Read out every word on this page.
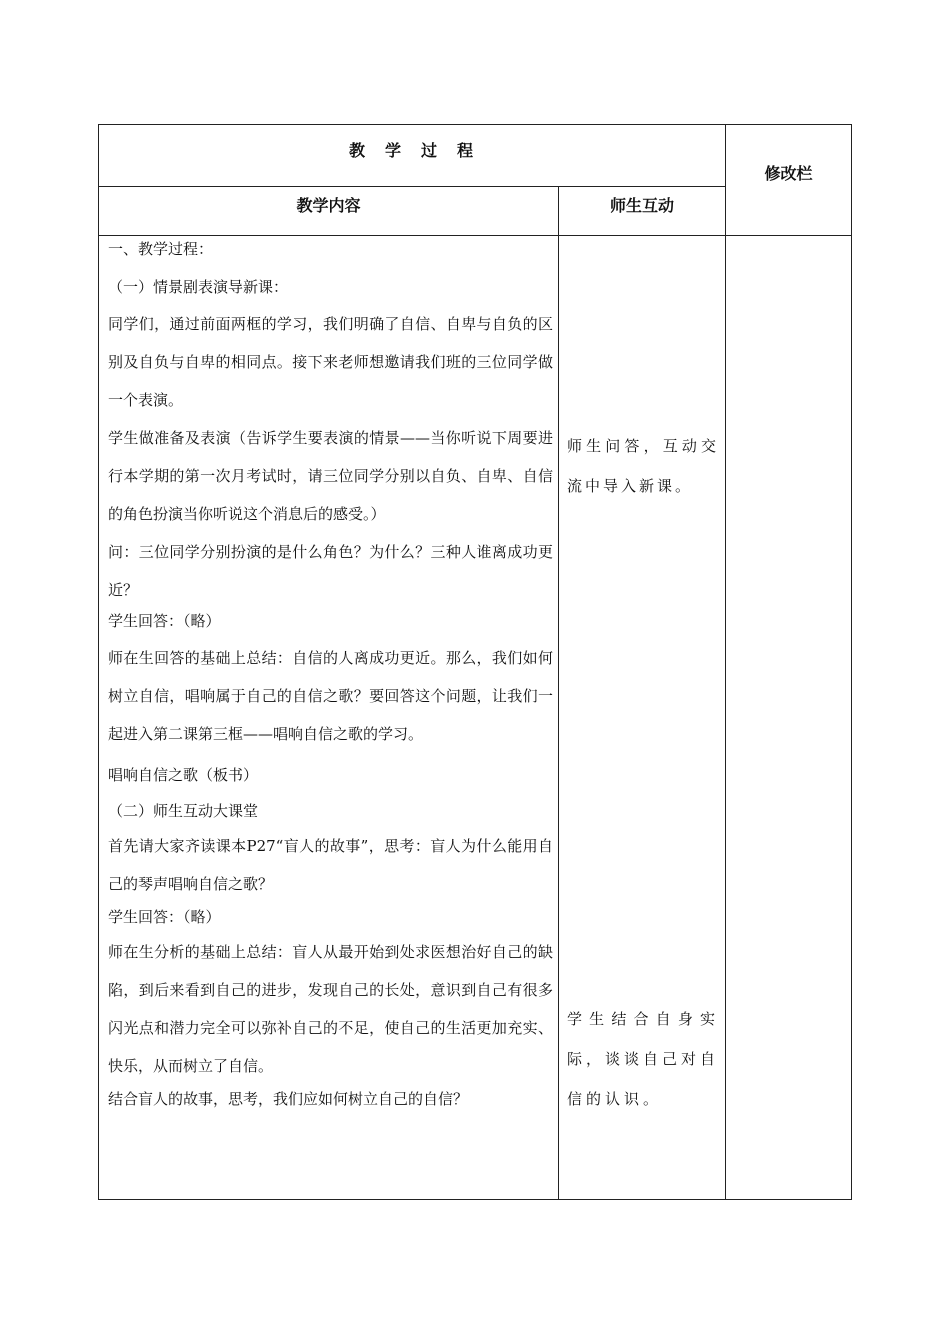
教　学　过　程
修改栏
教学内容	师生互动

一、教学过程：

（一）情景剧表演导新课：

同学们，通过前面两框的学习，我们明确了自信、自卑与自负的区别及自负与自卑的相同点。接下来老师想邀请我们班的三位同学做一个表演。

学生做准备及表演（告诉学生要表演的情景——当你听说下周要进行本学期的第一次月考试时，请三位同学分别以自负、自卑、自信的角色扮演当你听说这个消息后的感受。）

问：三位同学分别扮演的是什么角色？为什么？三种人谁离成功更近？

学生回答：（略）

师在生回答的基础上总结：自信的人离成功更近。那么，我们如何树立自信，唱响属于自己的自信之歌？要回答这个问题，让我们一起进入第二课第三框——唱响自信之歌的学习。

唱响自信之歌（板书）

（二）师生互动大课堂

首先请大家齐读课本P27“盲人的故事”，思考：盲人为什么能用自己的琴声唱响自信之歌？

学生回答：（略）

师在生分析的基础上总结：盲人从最开始到处求医想治好自己的缺陷，到后来看到自己的进步，发现自己的长处，意识到自己有很多闪光点和潜力完全可以弥补自己的不足，使自己的生活更加充实、快乐，从而树立了自信。

结合盲人的故事，思考，我们应如何树立自己的自信？

师生问答，互动交流中导入新课。
学生结合自身实际，谈谈自己对自信的认识。
